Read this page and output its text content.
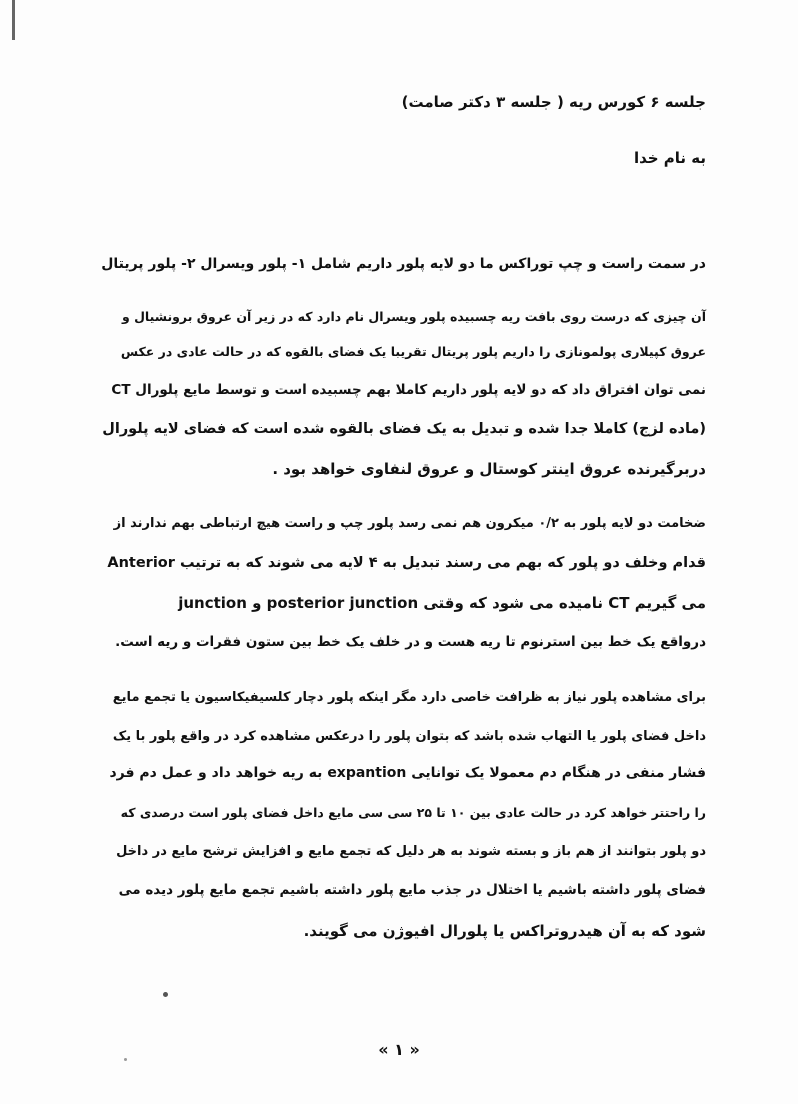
جلسه ۶ کورس ریه ( جلسه ۳ دکتر صامت)
به نام خدا
در سمت راست و چپ توراکس ما دو لایه پلور داریم شامل ۱- پلور ویسرال ۲- پلور پریتال
آن چیزی که درست روی بافت ریه چسبیده پلور ویسرال نام دارد که در زیر آن عروق برونشیال و
عروق کپیلاری پولمونازی را داریم پلور پریتال تقریبا یک فضای بالقوه که در حالت عادی در عکس
CT نمی توان افتراق داد که دو لایه پلور داریم کاملا بهم چسبیده است و توسط مایع پلورال
(ماده لزج) کاملا جدا شده و تبدیل به یک فضای بالقوه شده است که فضای لایه پلورال
دربرگیرنده عروق اینتر کوستال و عروق لنفاوی خواهد بود .
ضخامت دو لایه پلور به ۰/۲ میکرون هم نمی رسد پلور چپ و راست هیچ ارتباطی بهم ندارند از
قدام وخلف دو پلور که بهم می رسند تبدیل به ۴ لایه می شوند که به ترتیب Anterior
junction و posterior junction نامیده می شود که وقتی CT می گیریم
درواقع یک خط بین استرنوم تا ریه هست و در خلف یک خط بین ستون فقرات و ریه است.
برای مشاهده پلور نیاز به ظرافت خاصی دارد مگر اینکه پلور دچار کلسیفیکاسیون یا تجمع مایع
داخل فضای پلور یا التهاب شده باشد که بتوان پلور را درعکس مشاهده کرد در واقع پلور با یک
فشار منفی در هنگام دم معمولا یک توانایی expantion به ریه خواهد داد و عمل دم فرد
را راحتتر خواهد کرد در حالت عادی بین ۱۰ تا ۲۵ سی سی مایع داخل فضای پلور است درصدی که
دو پلور بتوانند از هم باز و بسته شوند به هر دلیل که تجمع مایع و افزایش ترشح مایع در داخل
فضای پلور داشته باشیم یا اختلال در جذب مایع پلور داشته باشیم تجمع مایع پلور دیده می
شود که به آن هیدروتراکس یا پلورال افیوژن می گویند.
« ۱ »
